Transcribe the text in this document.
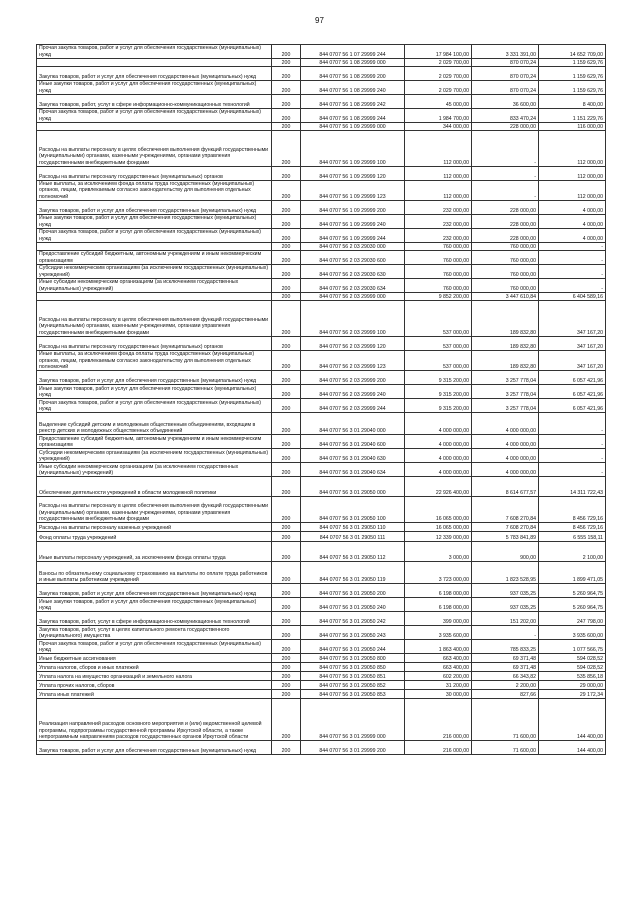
97
Прочая закупка товаров, работ и услуг для обеспечения государственных (муниципальных) нужд	200	844 0707 56 1 07 29999 244	17 984 100,00	3 331 391,00	14 652 709,00
	200	844 0707 56 1 08 29999 000	2 029 700,00	870 070,24	1 159 629,76
Закупка товаров, работ и услуг для обеспечения государственных (муниципальных) нужд	200	844 0707 56 1 08 29999 200	2 029 700,00	870 070,24	1 159 629,76
Иные закупки товаров, работ и услуг для обеспечения государственных (муниципальных) нужд	200	844 0707 56 1 08 29999 240	2 029 700,00	870 070,24	1 159 629,76
Закупка товаров, работ, услуг в сфере информационно-коммуникационных технологий	200	844 0707 56 1 08 29999 242	45 000,00	36 600,00	8 400,00
Прочая закупка товаров, работ и услуг для обеспечения государственных (муниципальных) нужд	200	844 0707 56 1 08 29999 244	1 984 700,00	833 470,24	1 151 229,76
	200	844 0707 56 1 09 29999 000	344 000,00	228 000,00	116 000,00
Расходы на выплаты персоналу в целях обеспечения выполнения функций государственными (муниципальными) органами, казенными учреждениями, органами управления государственными внебюджетными фондами	200	844 0707 56 1 09 29999 100	112 000,00	-	112 000,00
Расходы на выплаты персоналу государственных (муниципальных) органов	200	844 0707 56 1 09 29999 120	112 000,00	-	112 000,00
Иные выплаты, за исключением фонда оплаты труда государственных (муниципальных) органов, лицам, привлекаемым согласно законодательству для выполнения отдельных полномочий	200	844 0707 56 1 09 29999 123	112 000,00	-	112 000,00
Закупка товаров, работ и услуг для обеспечения государственных (муниципальных) нужд	200	844 0707 56 1 09 29999 200	232 000,00	228 000,00	4 000,00
Иные закупки товаров, работ и услуг для обеспечения государственных (муниципальных) нужд	200	844 0707 56 1 09 29999 240	232 000,00	228 000,00	4 000,00
Прочая закупка товаров, работ и услуг для обеспечения государственных (муниципальных) нужд	200	844 0707 56 1 09 29999 244	232 000,00	228 000,00	4 000,00
	200	844 0707 56 2 03 29030 000	760 000,00	760 000,00	-
Предоставление субсидий бюджетным, автономным учреждениям и иным некоммерческим организациям	200	844 0707 56 2 03 29030 600	760 000,00	760 000,00	-
Субсидии некоммерческим организациям (за исключением государственных (муниципальных) учреждений)	200	844 0707 56 2 03 29030 630	760 000,00	760 000,00	-
Иные субсидии некоммерческим организациям (за исключением государственных (муниципальных) учреждений)	200	844 0707 56 2 03 29030 634	760 000,00	760 000,00	-
	200	844 0707 56 2 03 29999 000	9 852 200,00	3 447 610,84	6 404 589,16
Расходы на выплаты персоналу в целях обеспечения выполнения функций государственными (муниципальными) органами, казенными учреждениями, органами управления государственными внебюджетными фондами	200	844 0707 56 2 03 29999 100	537 000,00	189 832,80	347 167,20
Расходы на выплаты персоналу государственных (муниципальных) органов	200	844 0707 56 2 03 29999 120	537 000,00	189 832,80	347 167,20
Иные выплаты, за исключением фонда оплаты труда государственных (муниципальных) органов, лицам, привлекаемым согласно законодательству для выполнения отдельных полномочий	200	844 0707 56 2 03 29999 123	537 000,00	189 832,80	347 167,20
Закупка товаров, работ и услуг для обеспечения государственных (муниципальных) нужд	200	844 0707 56 2 03 29999 200	9 315 200,00	3 257 778,04	6 057 421,96
Иные закупки товаров, работ и услуг для обеспечения государственных (муниципальных) нужд	200	844 0707 56 2 03 29999 240	9 315 200,00	3 257 778,04	6 057 421,96
Прочая закупка товаров, работ и услуг для обеспечения государственных (муниципальных) нужд	200	844 0707 56 2 03 29999 244	9 315 200,00	3 257 778,04	6 057 421,96
Выделение субсидий детским и молодежным общественным объединениям, входящим в реестр детских и молодежных общественных объединений	200	844 0707 56 3 01 29040 000	4 000 000,00	4 000 000,00	-
Предоставление субсидий бюджетным, автономным учреждениям и иным некоммерческим организациям	200	844 0707 56 3 01 29040 600	4 000 000,00	4 000 000,00	-
Субсидии некоммерческим организациям (за исключением государственных (муниципальных) учреждений)	200	844 0707 56 3 01 29040 630	4 000 000,00	4 000 000,00	-
Иные субсидии некоммерческим организациям (за исключением государственных (муниципальных) учреждений)	200	844 0707 56 3 01 29040 634	4 000 000,00	4 000 000,00	-
Обеспечение деятельности учреждений в области молодежной политики	200	844 0707 56 3 01 29050 000	22 926 400,00	8 614 677,57	14 311 722,43
Расходы на выплаты персоналу в целях обеспечения выполнения функций государственными (муниципальными) органами, казенными учреждениями, органами управления государственными внебюджетными фондами	200	844 0707 56 3 01 29050 100	16 065 000,00	7 608 270,84	8 456 729,16
Расходы на выплаты персоналу казенных учреждений	200	844 0707 56 3 01 29050 110	16 065 000,00	7 608 270,84	8 456 729,16
Фонд оплаты труда учреждений	200	844 0707 56 3 01 29050 111	12 339 000,00	5 783 841,89	6 555 158,11
Иные выплаты персоналу учреждений, за исключением фонда оплаты труда	200	844 0707 56 3 01 29050 112	3 000,00	900,00	2 100,00
Взносы по обязательному социальному страхованию на выплаты по оплате труда работников и иные выплаты работникам учреждений	200	844 0707 56 3 01 29050 119	3 723 000,00	1 823 528,95	1 899 471,05
Закупка товаров, работ и услуг для обеспечения государственных (муниципальных) нужд	200	844 0707 56 3 01 29050 200	6 198 000,00	937 035,25	5 260 964,75
Иные закупки товаров, работ и услуг для обеспечения государственных (муниципальных) нужд	200	844 0707 56 3 01 29050 240	6 198 000,00	937 035,25	5 260 964,75
Закупка товаров, работ, услуг в сфере информационно-коммуникационных технологий	200	844 0707 56 3 01 29050 242	399 000,00	151 202,00	247 798,00
Закупка товаров, работ, услуг в целях капитального ремонта государственного (муниципального) имущества	200	844 0707 56 3 01 29050 243	3 935 600,00	-	3 935 600,00
Прочая закупка товаров, работ и услуг для обеспечения государственных (муниципальных) нужд	200	844 0707 56 3 01 29050 244	1 863 400,00	785 833,25	1 077 566,75
Иные бюджетные ассигнования	200	844 0707 56 3 01 29050 800	663 400,00	69 371,48	594 028,52
Уплата налогов, сборов и иных платежей	200	844 0707 56 3 01 29050 850	663 400,00	69 371,48	594 028,52
Уплата налога на имущество организаций и земельного налога	200	844 0707 56 3 01 29050 851	602 200,00	66 343,82	535 856,18
Уплата прочих налогов, сборов	200	844 0707 56 3 01 29050 852	31 200,00	2 200,00	29 000,00
Уплата иных платежей	200	844 0707 56 3 01 29050 853	30 000,00	827,66	29 172,34
Реализация направлений расходов основного мероприятия и (или) ведомственной целевой программы, подпрограммы государственной программы Иркутской области, а также непрограммным направлениям расходов государственных органов Иркутской области	200	844 0707 56 3 01 29999 000	216 000,00	71 600,00	144 400,00
Закупка товаров, работ и услуг для обеспечения государственных (муниципальных) нужд	200	844 0707 56 3 01 29999 200	216 000,00	71 600,00	144 400,00
